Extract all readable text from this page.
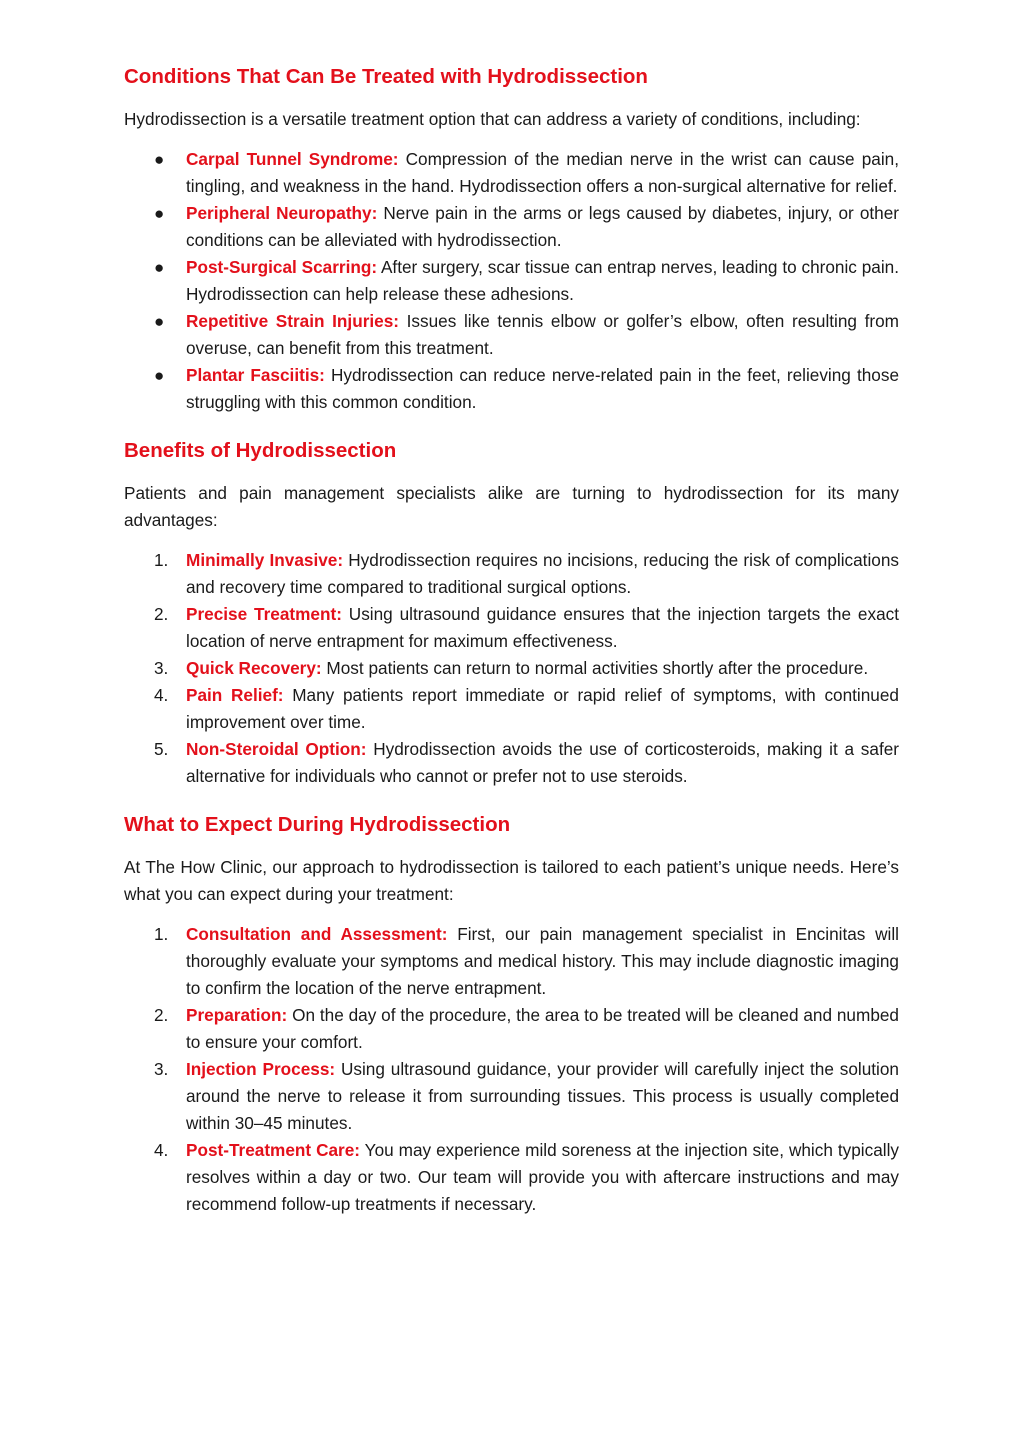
Conditions That Can Be Treated with Hydrodissection

Hydrodissection is a versatile treatment option that can address a variety of conditions, including:

● Carpal Tunnel Syndrome: Compression of the median nerve in the wrist can cause pain, tingling, and weakness in the hand. Hydrodissection offers a non-surgical alternative for relief.
● Peripheral Neuropathy: Nerve pain in the arms or legs caused by diabetes, injury, or other conditions can be alleviated with hydrodissection.
● Post-Surgical Scarring: After surgery, scar tissue can entrap nerves, leading to chronic pain. Hydrodissection can help release these adhesions.
● Repetitive Strain Injuries: Issues like tennis elbow or golfer’s elbow, often resulting from overuse, can benefit from this treatment.
● Plantar Fasciitis: Hydrodissection can reduce nerve-related pain in the feet, relieving those struggling with this common condition.
Benefits of Hydrodissection

Patients and pain management specialists alike are turning to hydrodissection for its many advantages:

1.	Minimally Invasive: Hydrodissection requires no incisions, reducing the risk of complications and recovery time compared to traditional surgical options.
2.	Precise Treatment: Using ultrasound guidance ensures that the injection targets the exact location of nerve entrapment for maximum effectiveness.
3.	Quick Recovery: Most patients can return to normal activities shortly after the procedure.
4.	Pain Relief: Many patients report immediate or rapid relief of symptoms, with continued improvement over time.
5.	Non-Steroidal Option: Hydrodissection avoids the use of corticosteroids, making it a safer alternative for individuals who cannot or prefer not to use steroids.
What to Expect During Hydrodissection

At The How Clinic, our approach to hydrodissection is tailored to each patient’s unique needs. Here’s what you can expect during your treatment:

1.	Consultation and Assessment: First, our pain management specialist in Encinitas will thoroughly evaluate your symptoms and medical history. This may include diagnostic imaging to confirm the location of the nerve entrapment.
2.	Preparation: On the day of the procedure, the area to be treated will be cleaned and numbed to ensure your comfort.
3.	Injection Process: Using ultrasound guidance, your provider will carefully inject the solution around the nerve to release it from surrounding tissues. This process is usually completed within 30–45 minutes.
4.	Post-Treatment Care: You may experience mild soreness at the injection site, which typically resolves within a day or two. Our team will provide you with aftercare instructions and may recommend follow-up treatments if necessary.
